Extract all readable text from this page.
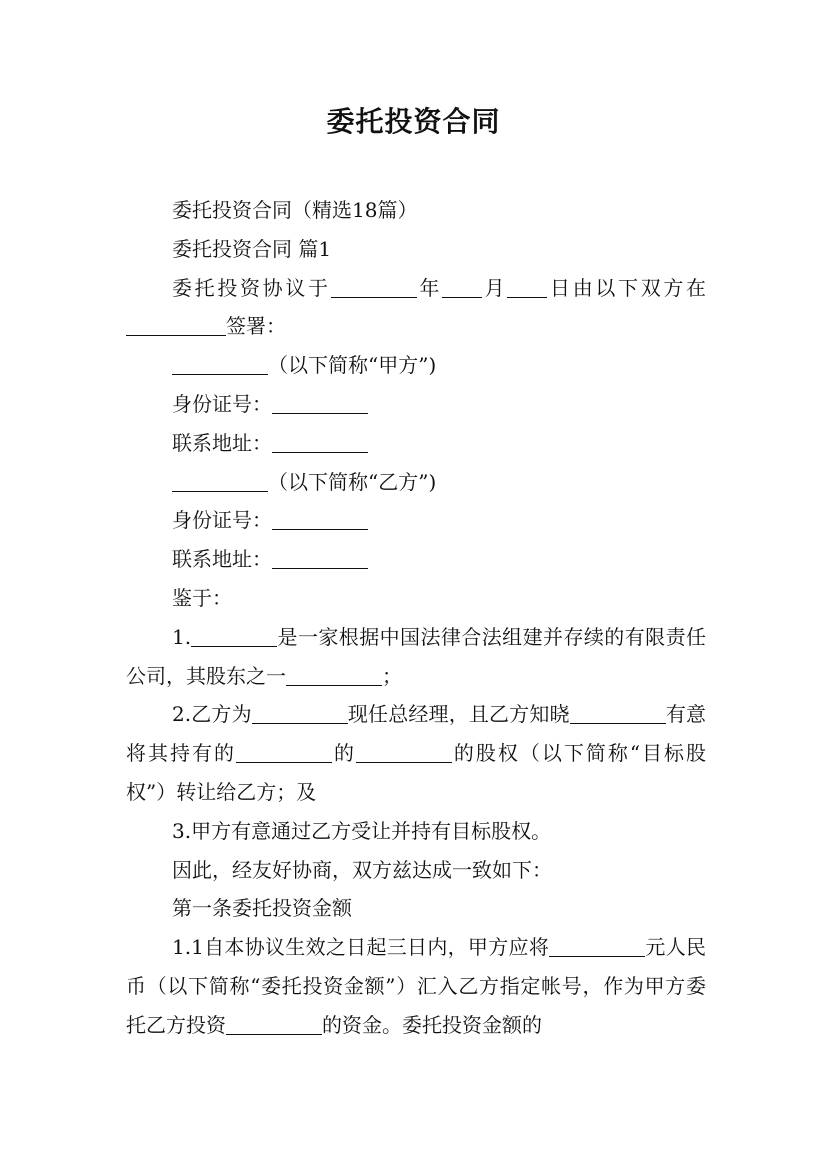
委托投资合同

委托投资合同（精选18篇）

委托投资合同 篇1

委托投资协议于	年 月 日由以下双方在签署：

（以下简称“甲方”)

身份证号：

联系地址：

（以下简称“乙方”)

身份证号：

联系地址：

鉴于：

1.	是一家根据中国法律合法组建并存续的有限责任公司，其股东之一	；

2.乙方为	现任总经理，且乙方知晓	有意将其持有的	的	的股权（以下简称“目标股权”）转让给乙方；及

3.甲方有意通过乙方受让并持有目标股权。

因此，经友好协商，双方兹达成一致如下：

第一条委托投资金额

1.1自本协议生效之日起三日内，甲方应将	元人民币（以下简称“委托投资金额”）汇入乙方指定帐号，作为甲方委托乙方投资	的资金。委托投资金额的
